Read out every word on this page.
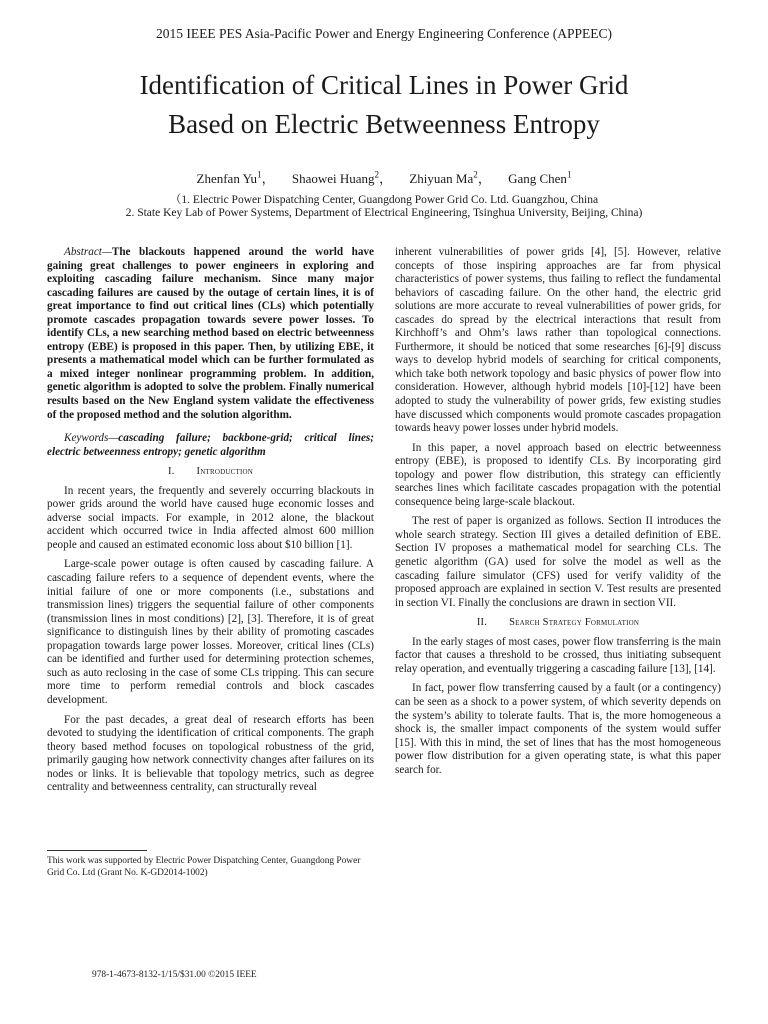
2015 IEEE PES Asia-Pacific Power and Energy Engineering Conference (APPEEC)
Identification of Critical Lines in Power Grid
Based on Electric Betweenness Entropy
Zhenfan Yu$^1$， Shaowei Huang$^2$， Zhiyuan Ma$^2$， Gang Chen$^1$
（1. Electric Power Dispatching Center, Guangdong Power Grid Co. Ltd. Guangzhou, China
2. State Key Lab of Power Systems, Department of Electrical Engineering, Tsinghua University, Beijing, China)

Abstract—The blackouts happened around the world have gaining great challenges to power engineers in exploring and exploiting cascading failure mechanism. Since many major cascading failures are caused by the outage of certain lines, it is of great importance to find out critical lines (CLs) which potentially promote cascades propagation towards severe power losses. To identify CLs, a new searching method based on electric betweenness entropy (EBE) is proposed in this paper. Then, by utilizing EBE, it presents a mathematical model which can be further formulated as a mixed integer nonlinear programming problem. In addition, genetic algorithm is adopted to solve the problem. Finally numerical results based on the New England system validate the effectiveness of the proposed method and the solution algorithm.

Keywords—cascading failure; backbone-grid; critical lines; electric betweenness entropy; genetic algorithm

I. Introduction

In recent years, the frequently and severely occurring blackouts in power grids around the world have caused huge economic losses and adverse social impacts. For example, in 2012 alone, the blackout accident which occurred twice in India affected almost 600 million people and caused an estimated economic loss about $10 billion [1].

Large-scale power outage is often caused by cascading failure. A cascading failure refers to a sequence of dependent events, where the initial failure of one or more components (i.e., substations and transmission lines) triggers the sequential failure of other components (transmission lines in most conditions) [2], [3]. Therefore, it is of great significance to distinguish lines by their ability of promoting cascades propagation towards large power losses. Moreover, critical lines (CLs) can be identified and further used for determining protection schemes, such as auto reclosing in the case of some CLs tripping. This can secure more time to perform remedial controls and block cascades development.

For the past decades, a great deal of research efforts has been devoted to studying the identification of critical components. The graph theory based method focuses on topological robustness of the grid, primarily gauging how network connectivity changes after failures on its nodes or links. It is believable that topology metrics, such as degree centrality and betweenness centrality, can structurally reveal

inherent vulnerabilities of power grids [4], [5]. However, relative concepts of those inspiring approaches are far from physical characteristics of power systems, thus failing to reflect the fundamental behaviors of cascading failure. On the other hand, the electric grid solutions are more accurate to reveal vulnerabilities of power grids, for cascades do spread by the electrical interactions that result from Kirchhoff’s and Ohm’s laws rather than topological connections. Furthermore, it should be noticed that some researches [6]-[9] discuss ways to develop hybrid models of searching for critical components, which take both network topology and basic physics of power flow into consideration. However, although hybrid models [10]-[12] have been adopted to study the vulnerability of power grids, few existing studies have discussed which components would promote cascades propagation towards heavy power losses under hybrid models.

In this paper, a novel approach based on electric betweenness entropy (EBE), is proposed to identify CLs. By incorporating gird topology and power flow distribution, this strategy can efficiently searches lines which facilitate cascades propagation with the potential consequence being large-scale blackout.

The rest of paper is organized as follows. Section II introduces the whole search strategy. Section III gives a detailed definition of EBE. Section IV proposes a mathematical model for searching CLs. The genetic algorithm (GA) used for solve the model as well as the cascading failure simulator (CFS) used for verify validity of the proposed approach are explained in section V. Test results are presented in section VI. Finally the conclusions are drawn in section VII.

II. Search Strategy Formulation

In the early stages of most cases, power flow transferring is the main factor that causes a threshold to be crossed, thus initiating subsequent relay operation, and eventually triggering a cascading failure [13], [14].

In fact, power flow transferring caused by a fault (or a contingency) can be seen as a shock to a power system, of which severity depends on the system’s ability to tolerate faults. That is, the more homogeneous a shock is, the smaller impact components of the system would suffer [15]. With this in mind, the set of lines that has the most homogeneous power flow distribution for a given operating state, is what this paper search for.

This work was supported by Electric Power Dispatching Center, Guangdong Power Grid Co. Ltd (Grant No. K-GD2014-1002)
978-1-4673-8132-1/15/$31.00 ©2015 IEEE
